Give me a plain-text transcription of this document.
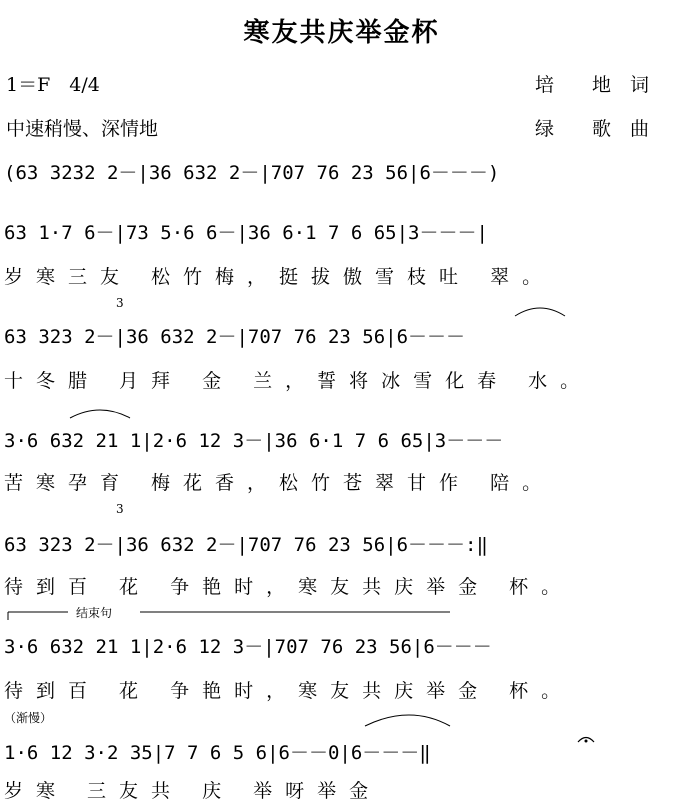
寒友共庆举金杯
1＝F　4/4	培　　地　词
中速稍慢、深情地	绿　　歌　曲
3
3
结束句
（渐慢）
(63 3232 2－|36 632 2－|707 76 23 56|6－－－)
63 1·7 6－|73 5·6 6－|36 6·1 7 6 65|3－－－|
岁寒三友 松竹梅，挺拔傲雪枝吐 翠。
63 323 2－|36 632 2－|707 76 23 56|6－－－
十冬腊 月拜 金 兰，誓将冰雪化春 水。
3·6 632 21 1|2·6 12 3－|36 6·1 7 6 65|3－－－
苦寒孕育 梅花香，松竹苍翠甘作 陪。
63 323 2－|36 632 2－|707 76 23 56|6－－－:‖
待到百 花 争艳时，寒友共庆举金 杯。
3·6 632 21 1|2·6 12 3－|707 76 23 56|6－－－
待到百 花 争艳时，寒友共庆举金 杯。
1·6 12 3·2 35|7 7 6 5 6|6－－0|6－－－‖
岁寒 三友共 庆 举呀举金
